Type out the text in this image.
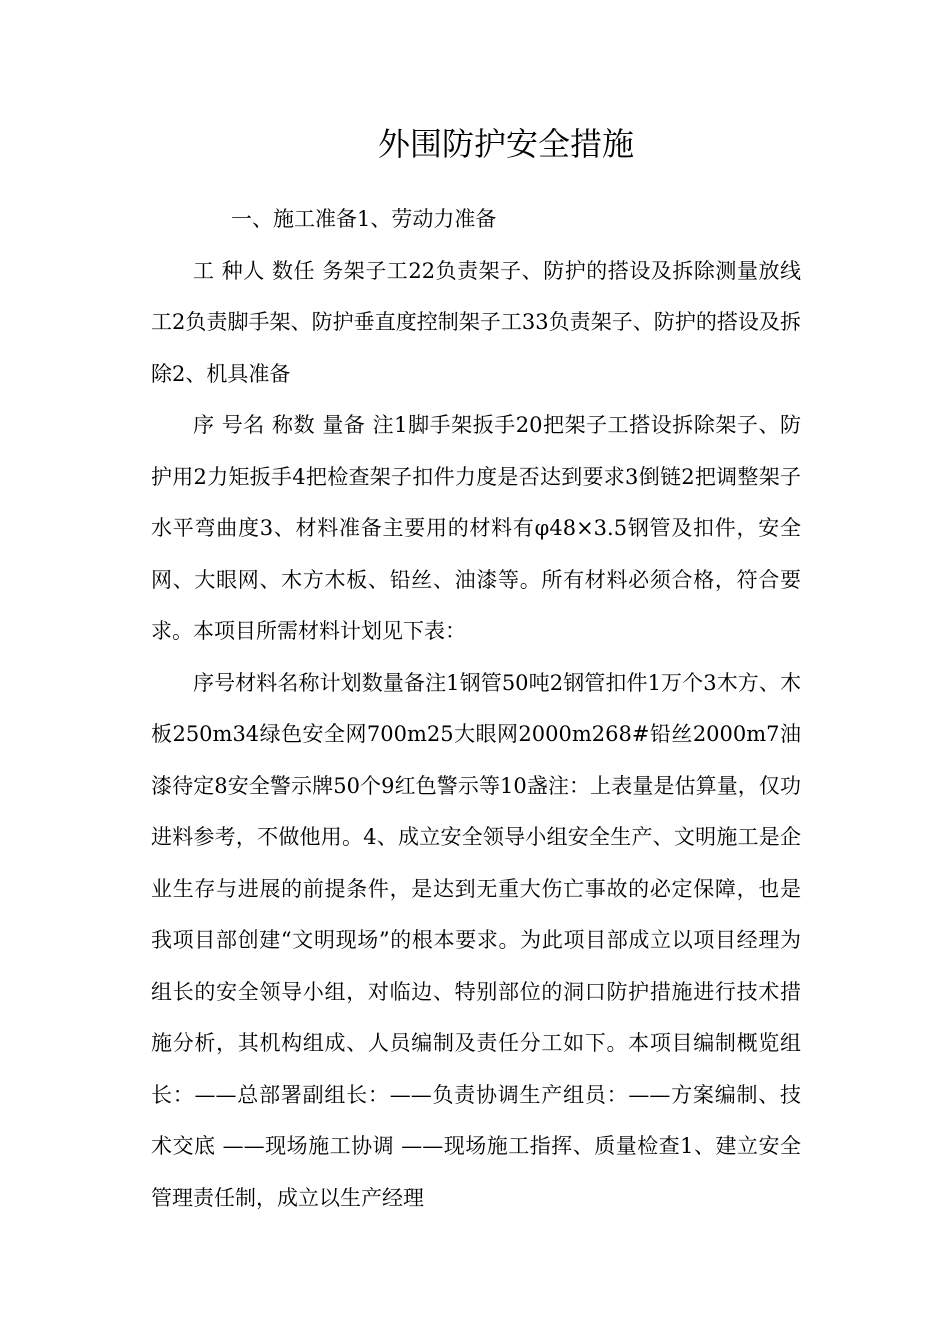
外围防护安全措施

一、施工准备1、劳动力准备

工 种人 数任 务架子工22负责架子、防护的搭设及拆除测量放线工2负责脚手架、防护垂直度控制架子工33负责架子、防护的搭设及拆除2、机具准备

序 号名 称数 量备 注1脚手架扳手20把架子工搭设拆除架子、防护用2力矩扳手4把检查架子扣件力度是否达到要求3倒链2把调整架子水平弯曲度3、材料准备主要用的材料有φ48×3.5钢管及扣件，安全网、大眼网、木方木板、铅丝、油漆等。所有材料必须合格，符合要求。本项目所需材料计划见下表：

序号材料名称计划数量备注1钢管50吨2钢管扣件1万个3木方、木板250m34绿色安全网700m25大眼网2000m268#铅丝2000m7油漆待定8安全警示牌50个9红色警示等10盏注：上表量是估算量，仅功进料参考，不做他用。4、成立安全领导小组安全生产、文明施工是企业生存与进展的前提条件，是达到无重大伤亡事故的必定保障，也是我项目部创建“文明现场”的根本要求。为此项目部成立以项目经理为组长的安全领导小组，对临边、特别部位的洞口防护措施进行技术措施分析，其机构组成、人员编制及责任分工如下。本项目编制概览组长：——总部署副组长：——负责协调生产组员：——方案编制、技术交底 ——现场施工协调 ——现场施工指挥、质量检查1、建立安全管理责任制，成立以生产经理
